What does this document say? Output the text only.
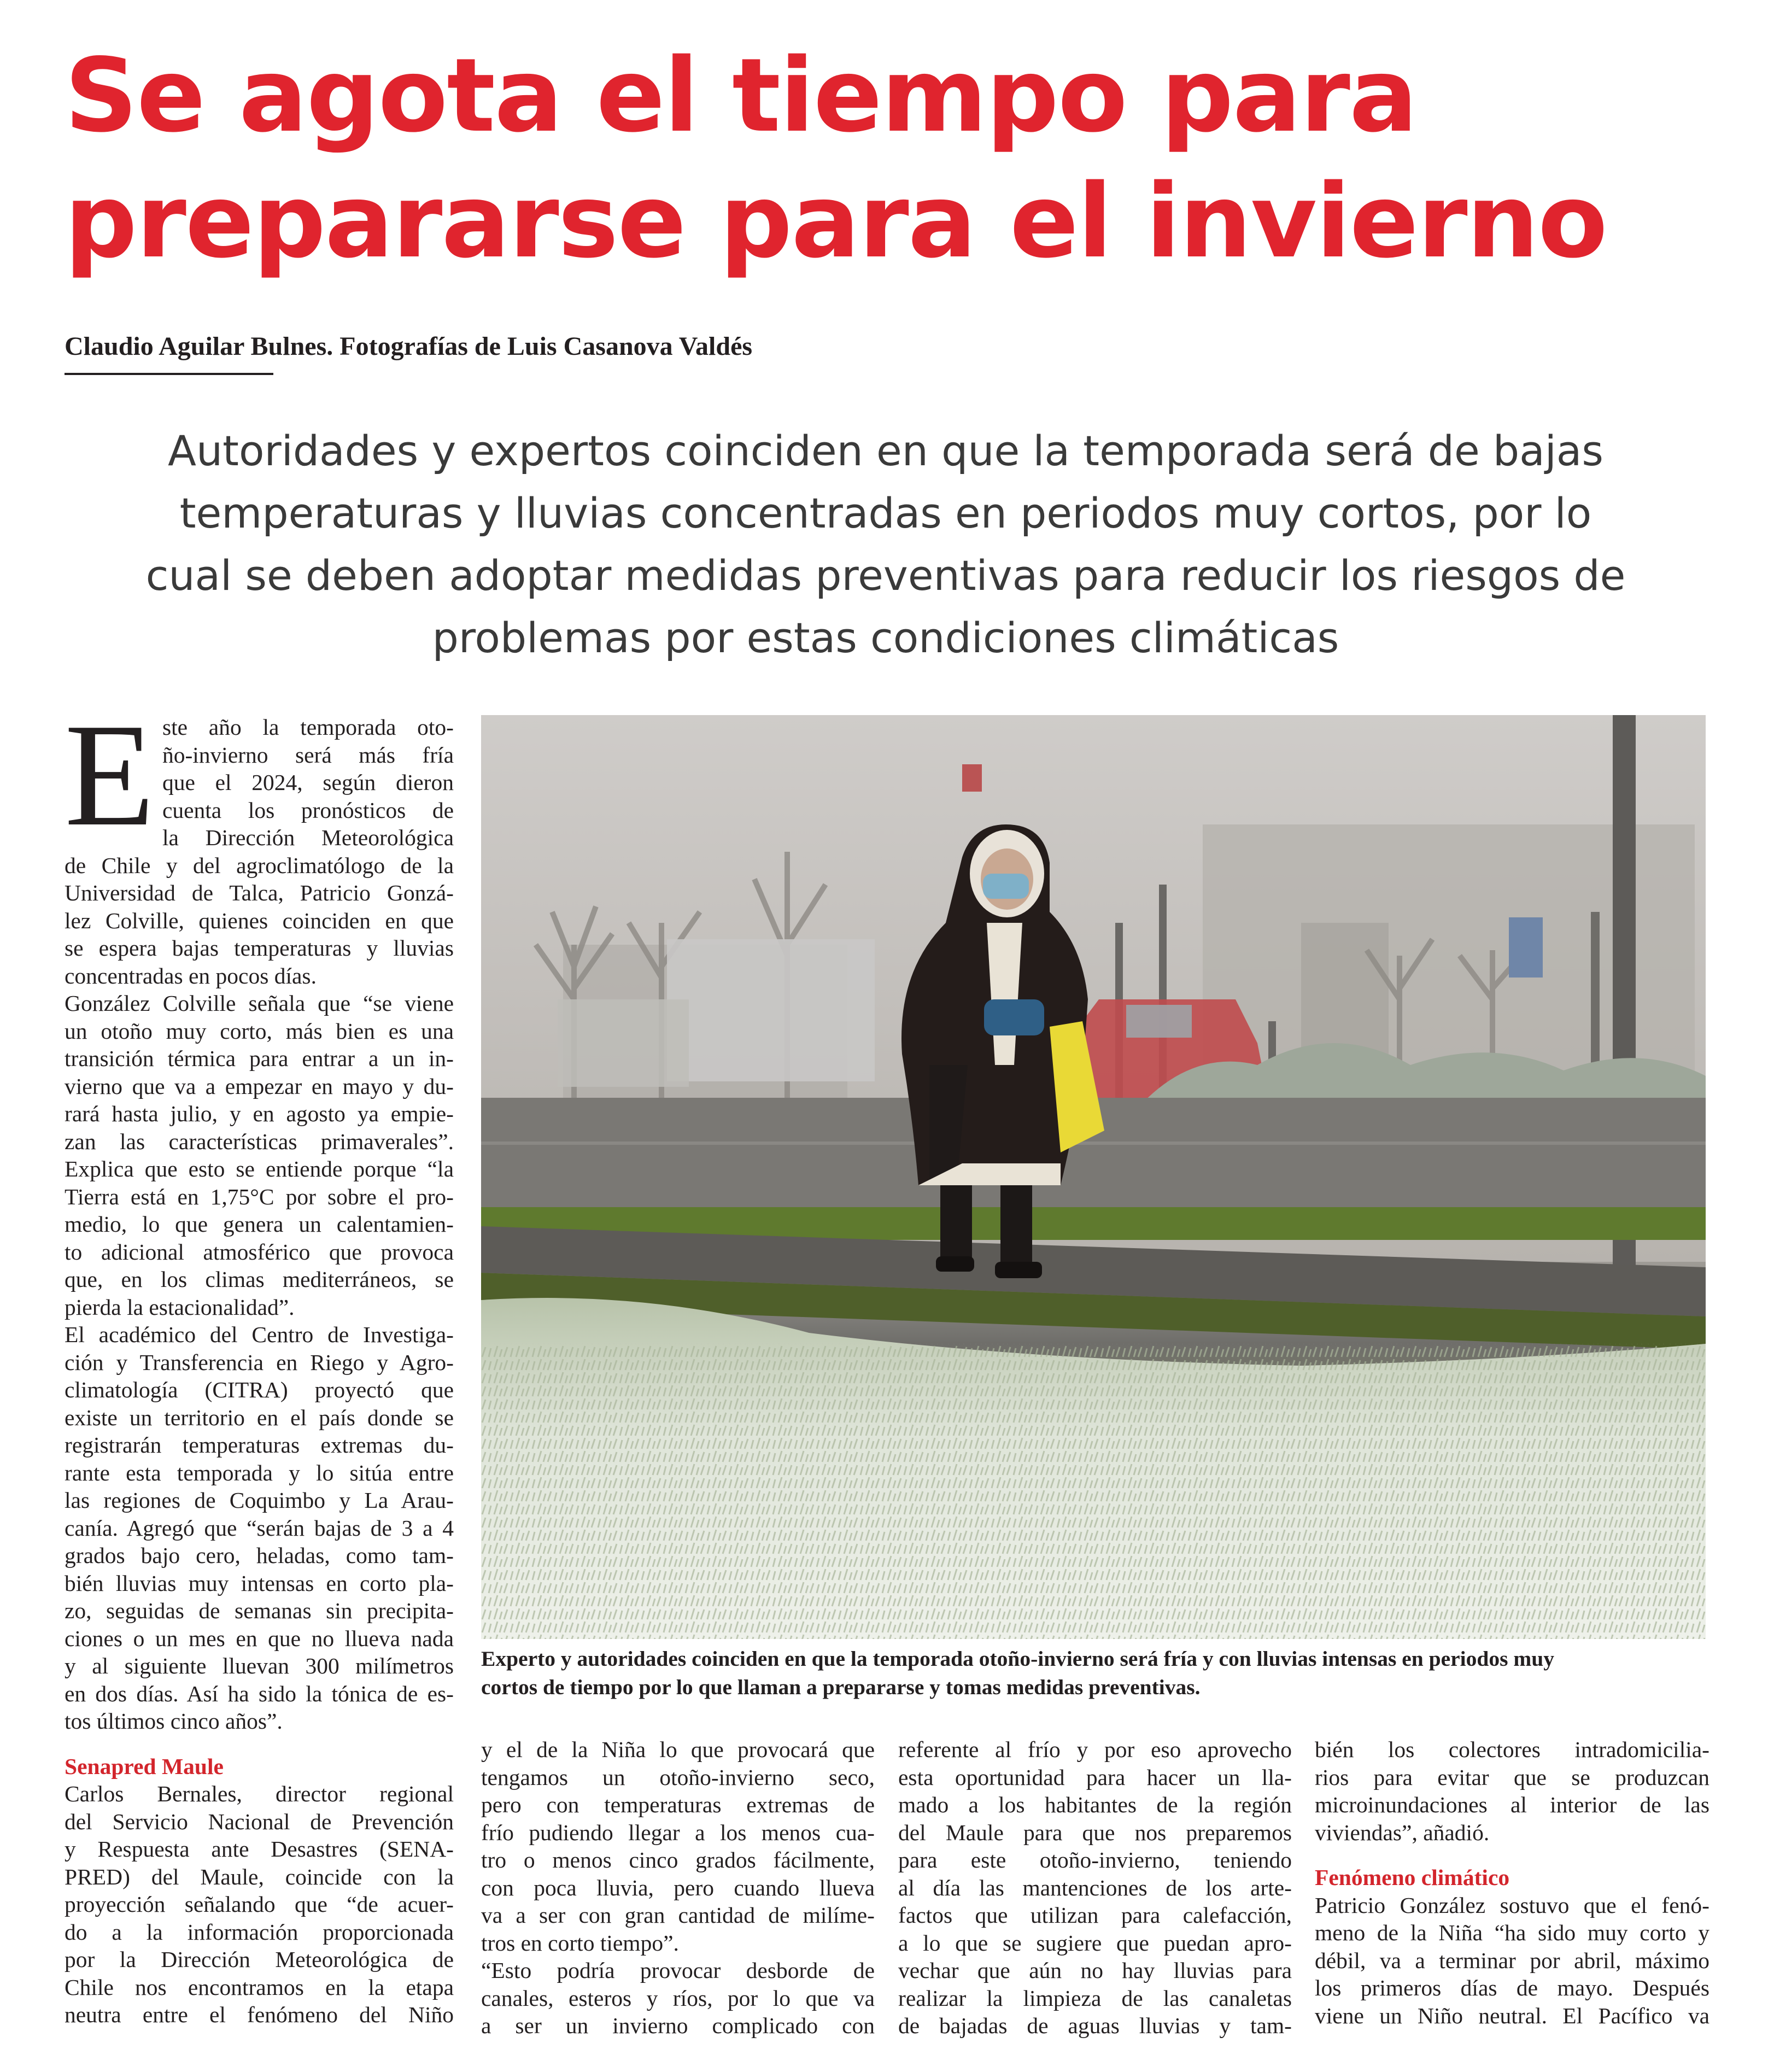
Se agota el tiempo para
prepararse para el invierno

Claudio Aguilar Bulnes. Fotografías de Luis Casanova Valdés

Autoridades y expertos coinciden en que la temporada será de bajas
temperaturas y lluvias concentradas en periodos muy cortos, por lo
cual se deben adoptar medidas preventivas para reducir los riesgos de
problemas por estas condiciones climáticas
E ste año la temporada oto-

ño-invierno será más fría

que el 2024, según dieron

cuenta los pronósticos de

la Dirección Meteorológica

de Chile y del agroclimatólogo de la

Universidad de Talca, Patricio Gonzá-

lez Colville, quienes coinciden en que

se espera bajas temperaturas y lluvias

concentradas en pocos días.

González Colville señala que “se viene

un otoño muy corto, más bien es una

transición térmica para entrar a un in-

vierno que va a empezar en mayo y du-

rará hasta julio, y en agosto ya empie-

zan las características primaverales”.

Explica que esto se entiende porque “la

Tierra está en 1,75°C por sobre el pro-

medio, lo que genera un calentamien-

to adicional atmosférico que provoca

que, en los climas mediterráneos, se

pierda la estacionalidad”.

El académico del Centro de Investiga-

ción y Transferencia en Riego y Agro-

climatología (CITRA) proyectó que

existe un territorio en el país donde se

registrarán temperaturas extremas du-

rante esta temporada y lo sitúa entre

las regiones de Coquimbo y La Arau-

canía. Agregó que “serán bajas de 3 a 4

grados bajo cero, heladas, como tam-

bién lluvias muy intensas en corto pla-

zo, seguidas de semanas sin precipita-

ciones o un mes en que no llueva nada

y al siguiente lluevan 300 milímetros

en dos días. Así ha sido la tónica de es-

tos últimos cinco años”.

Senapred Maule

Carlos Bernales, director regional

del Servicio Nacional de Prevención

y Respuesta ante Desastres (SENA-

PRED) del Maule, coincide con la

proyección señalando que “de acuer-

do a la información proporcionada

por la Dirección Meteorológica de

Chile nos encontramos en la etapa

neutra entre el fenómeno del Niño

Experto y autoridades coinciden en que la temporada otoño-invierno será fría y con lluvias intensas en periodos muy
cortos de tiempo por lo que llaman a prepararse y tomas medidas preventivas.

y el de la Niña lo que provocará que

tengamos un otoño-invierno seco,

pero con temperaturas extremas de

frío pudiendo llegar a los menos cua-

tro o menos cinco grados fácilmente,

con poca lluvia, pero cuando llueva

va a ser con gran cantidad de milíme-

tros en corto tiempo”.

“Esto podría provocar desborde de

canales, esteros y ríos, por lo que va

a ser un invierno complicado con

referente al frío y por eso aprovecho

esta oportunidad para hacer un lla-

mado a los habitantes de la región

del Maule para que nos preparemos

para este otoño-invierno, teniendo

al día las mantenciones de los arte-

factos que utilizan para calefacción,

a lo que se sugiere que puedan apro-

vechar que aún no hay lluvias para

realizar la limpieza de las canaletas

de bajadas de aguas lluvias y tam-

bién los colectores intradomicilia-

rios para evitar que se produzcan

microinundaciones al interior de las

viviendas”, añadió.

Fenómeno climático

Patricio González sostuvo que el fenó-

meno de la Niña “ha sido muy corto y

débil, va a terminar por abril, máximo

los primeros días de mayo. Después

viene un Niño neutral. El Pacífico va
